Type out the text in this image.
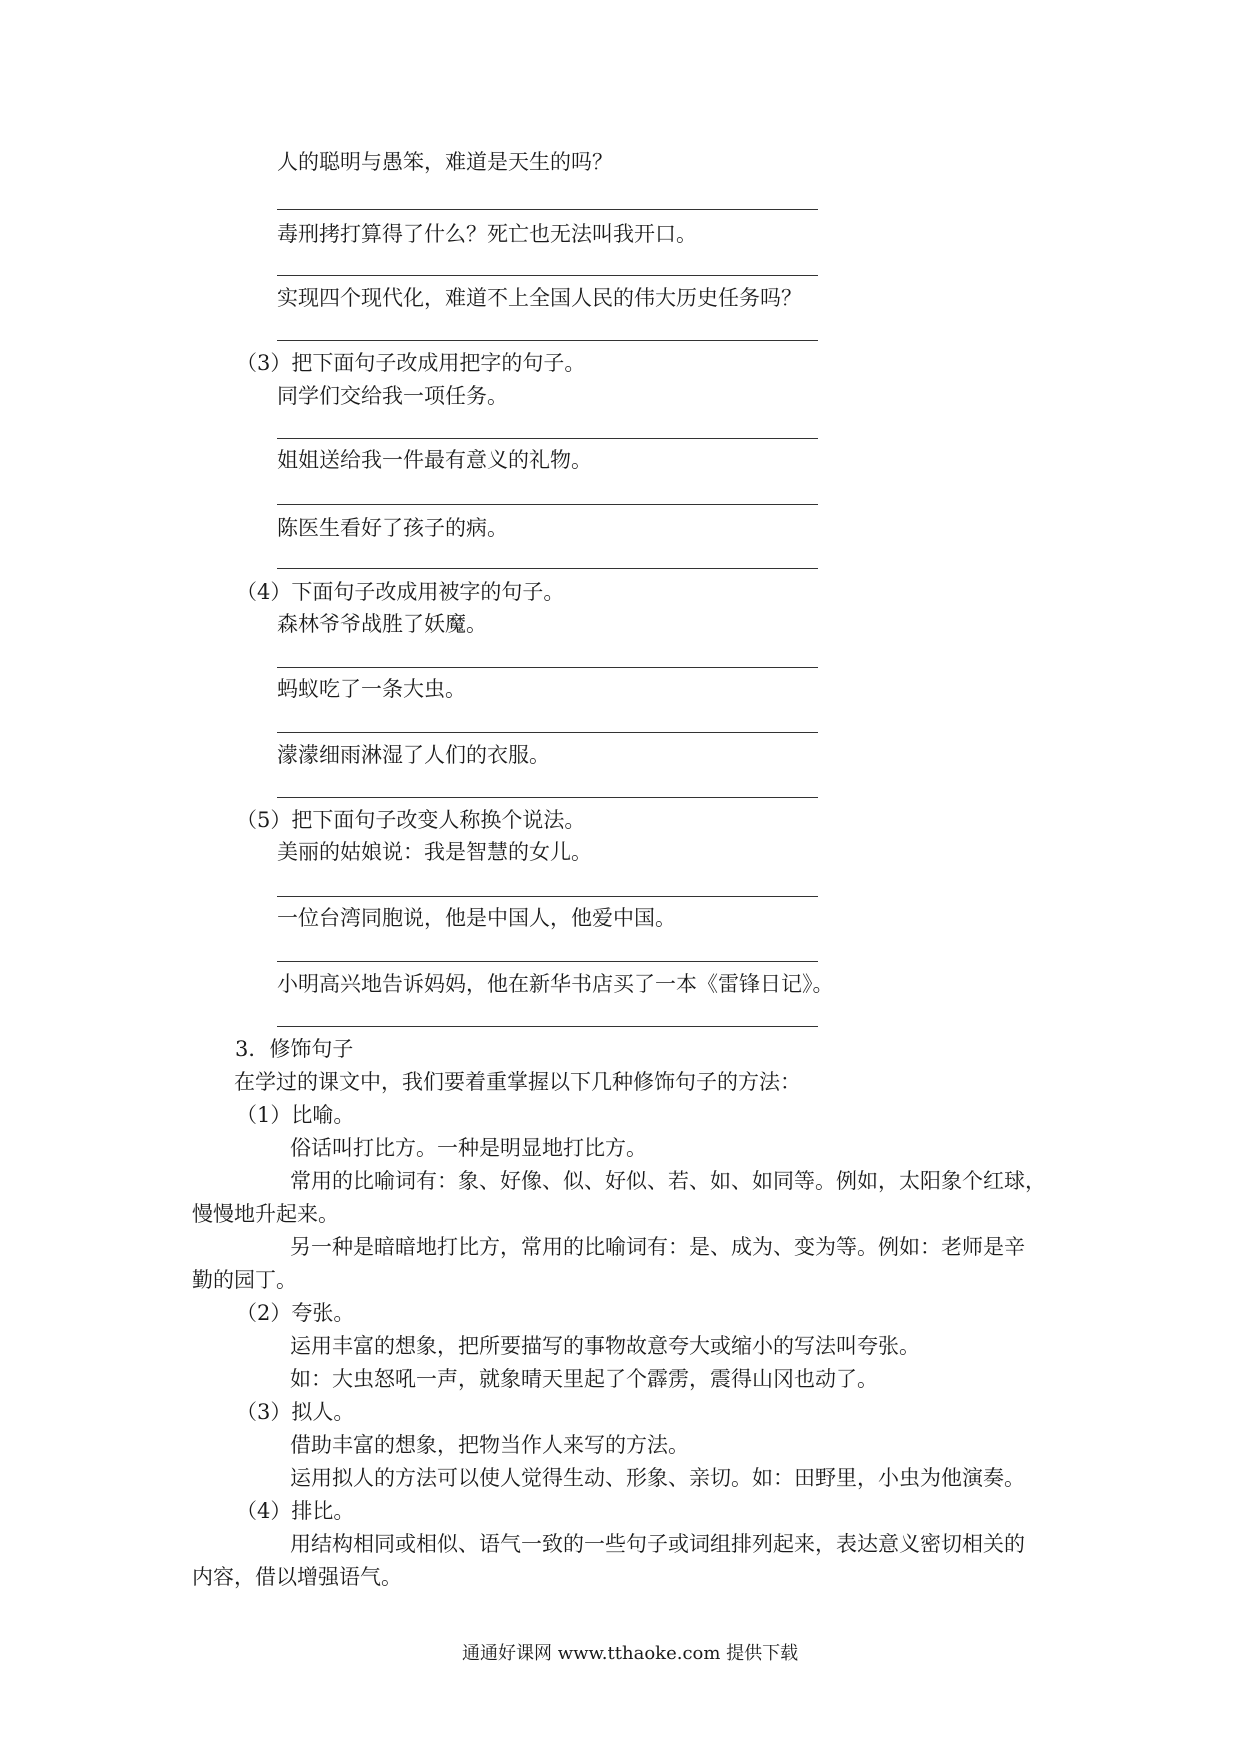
人的聪明与愚笨，难道是天生的吗？
毒刑拷打算得了什么？死亡也无法叫我开口。
实现四个现代化，难道不上全国人民的伟大历史任务吗？
（3）把下面句子改成用把字的句子。
同学们交给我一项任务。
姐姐送给我一件最有意义的礼物。
陈医生看好了孩子的病。
（4）下面句子改成用被字的句子。
森林爷爷战胜了妖魔。
蚂蚁吃了一条大虫。
濛濛细雨淋湿了人们的衣服。
（5）把下面句子改变人称换个说法。
美丽的姑娘说：我是智慧的女儿。
一位台湾同胞说，他是中国人，他爱中国。
小明高兴地告诉妈妈，他在新华书店买了一本《雷锋日记》。
3．修饰句子
在学过的课文中，我们要着重掌握以下几种修饰句子的方法：
（1）比喻。
俗话叫打比方。一种是明显地打比方。
常用的比喻词有：象、好像、似、好似、若、如、如同等。例如，太阳象个红球，
慢慢地升起来。
另一种是暗暗地打比方，常用的比喻词有：是、成为、变为等。例如：老师是辛
勤的园丁。
（2）夸张。
运用丰富的想象，把所要描写的事物故意夸大或缩小的写法叫夸张。
如：大虫怒吼一声，就象晴天里起了个霹雳，震得山冈也动了。
（3）拟人。
借助丰富的想象，把物当作人来写的方法。
运用拟人的方法可以使人觉得生动、形象、亲切。如：田野里，小虫为他演奏。
（4）排比。
用结构相同或相似、语气一致的一些句子或词组排列起来，表达意义密切相关的
内容，借以增强语气。
通通好课网 www.tthaoke.com 提供下载
